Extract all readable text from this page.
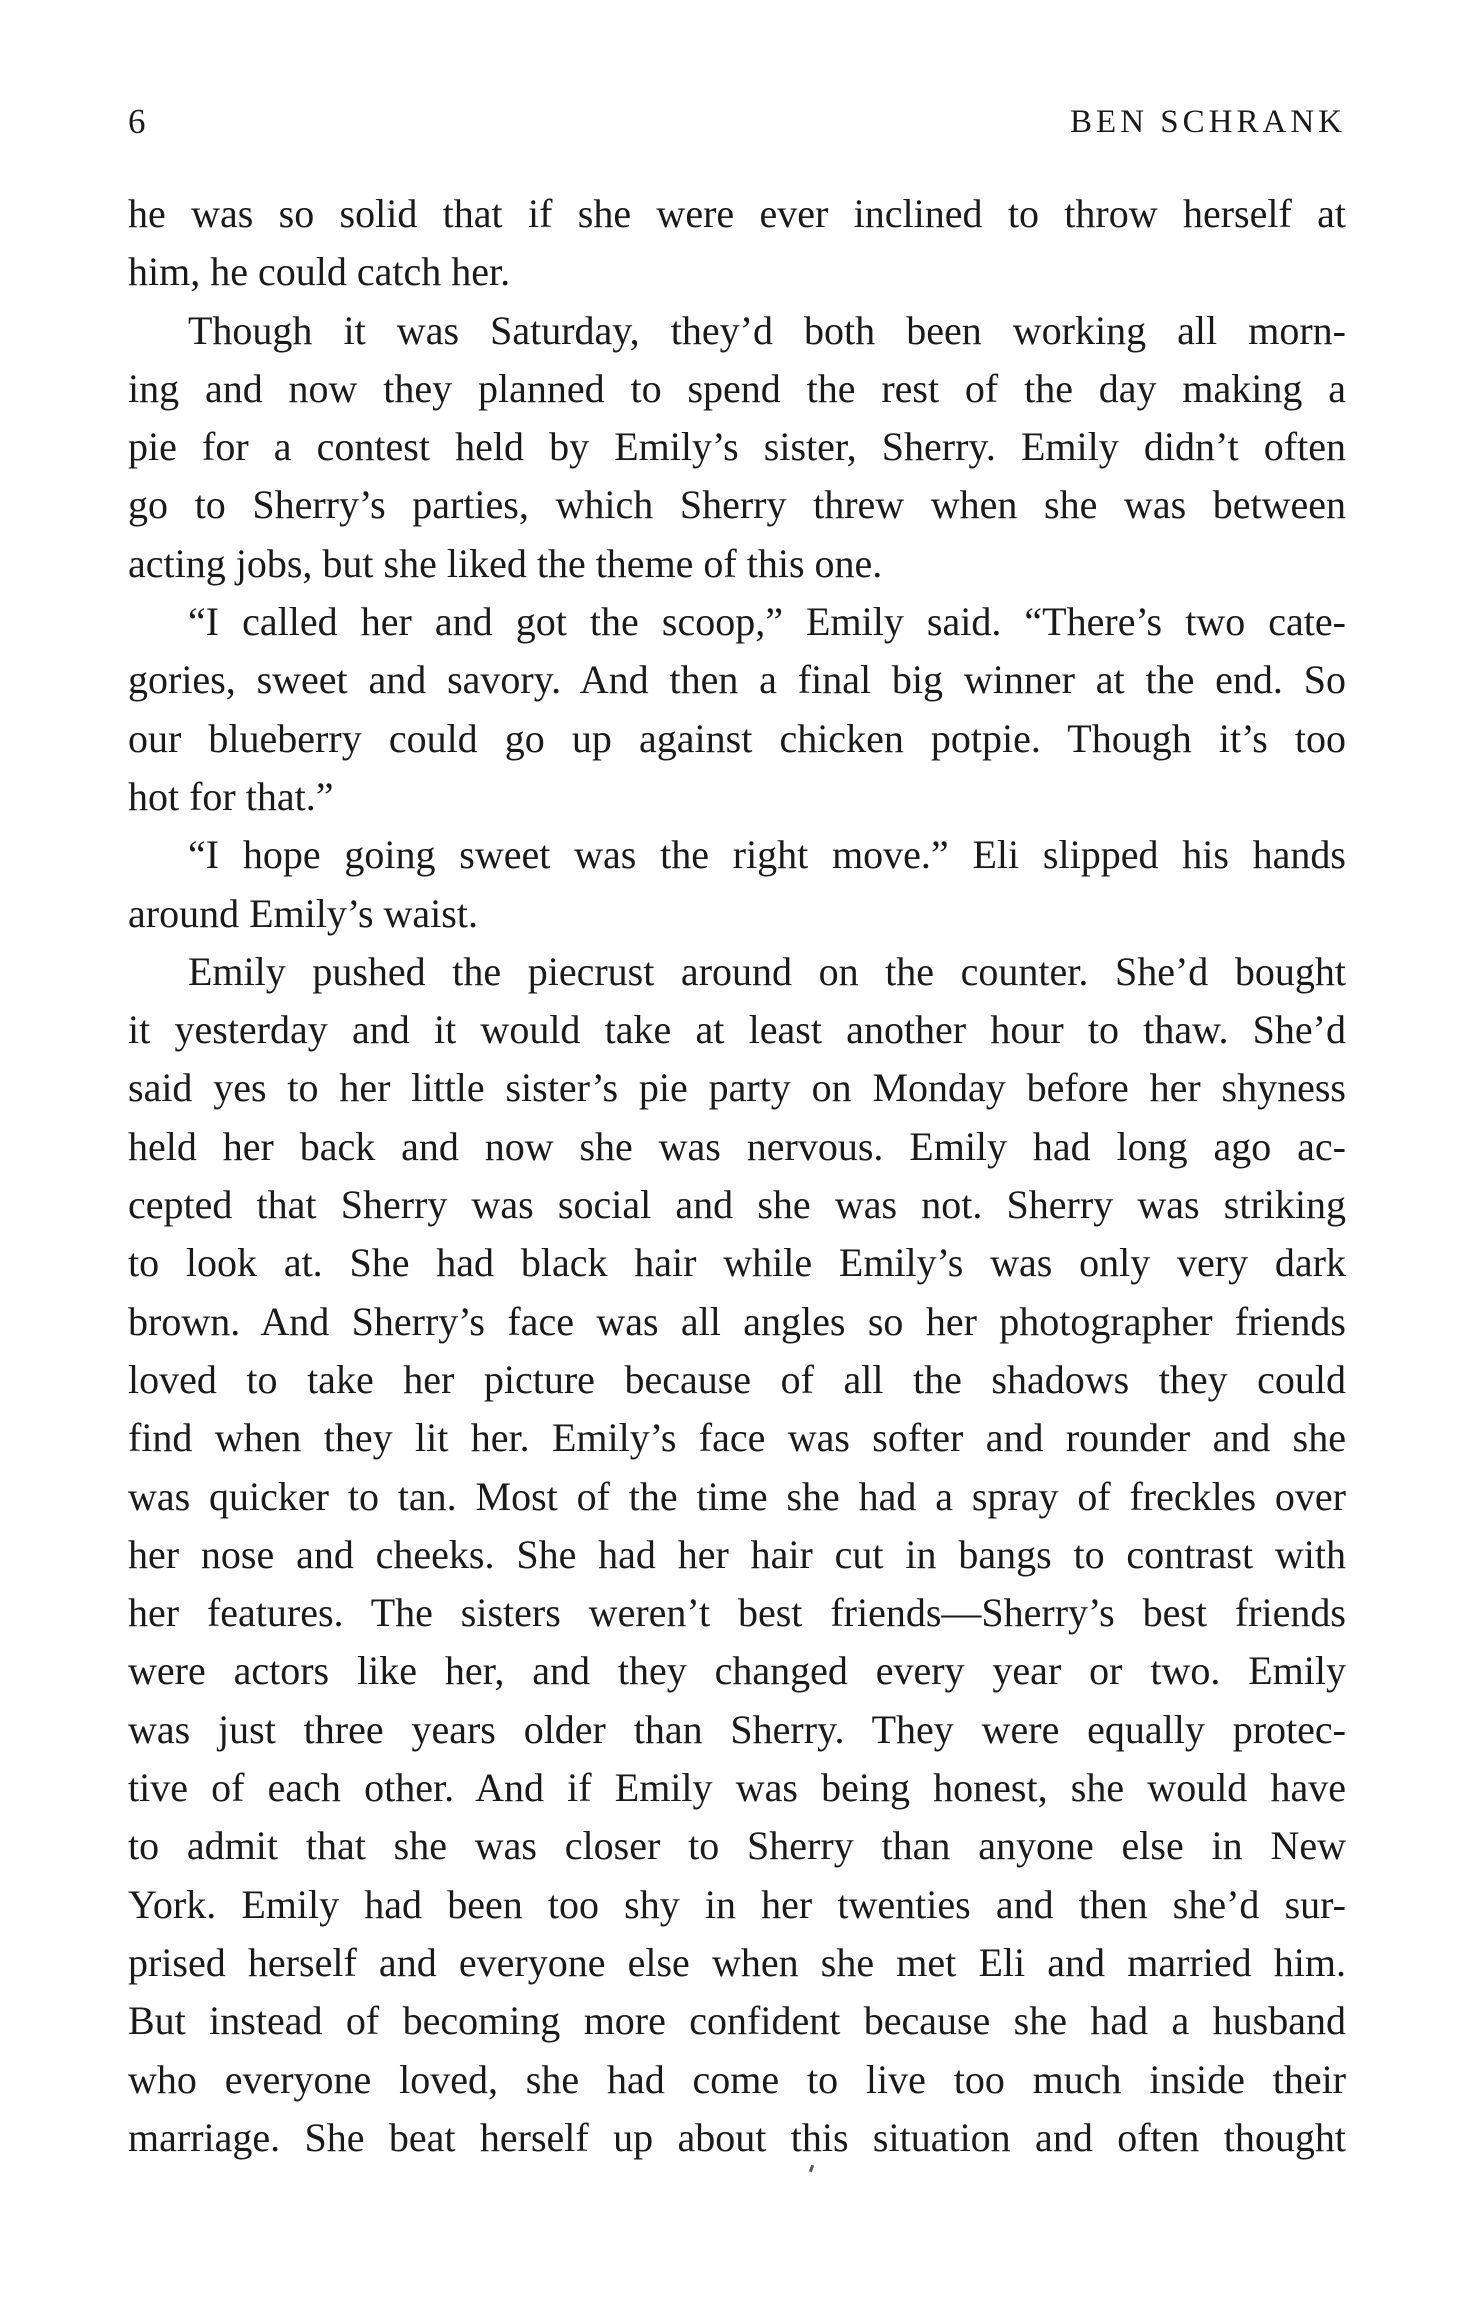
6	BEN SCHRANK
he was so solid that if she were ever inclined to throw herself at
him, he could catch her.
Though it was Saturday, they’d both been working all morn-
ing and now they planned to spend the rest of the day making a
pie for a contest held by Emily’s sister, Sherry. Emily didn’t often
go to Sherry’s parties, which Sherry threw when she was between
acting jobs, but she liked the theme of this one.
“I called her and got the scoop,” Emily said. “There’s two cate-
gories, sweet and savory. And then a final big winner at the end. So
our blueberry could go up against chicken potpie. Though it’s too
hot for that.”
“I hope going sweet was the right move.” Eli slipped his hands
around Emily’s waist.
Emily pushed the piecrust around on the counter. She’d bought
it yesterday and it would take at least another hour to thaw. She’d
said yes to her little sister’s pie party on Monday before her shyness
held her back and now she was nervous. Emily had long ago ac-
cepted that Sherry was social and she was not. Sherry was striking
to look at. She had black hair while Emily’s was only very dark
brown. And Sherry’s face was all angles so her photographer friends
loved to take her picture because of all the shadows they could
find when they lit her. Emily’s face was softer and rounder and she
was quicker to tan. Most of the time she had a spray of freckles over
her nose and cheeks. She had her hair cut in bangs to contrast with
her features. The sisters weren’t best friends—Sherry’s best friends
were actors like her, and they changed every year or two. Emily
was just three years older than Sherry. They were equally protec-
tive of each other. And if Emily was being honest, she would have
to admit that she was closer to Sherry than anyone else in New
York. Emily had been too shy in her twenties and then she’d sur-
prised herself and everyone else when she met Eli and married him.
But instead of becoming more confident because she had a husband
who everyone loved, she had come to live too much inside their
marriage. She beat herself up about this situation and often thought
